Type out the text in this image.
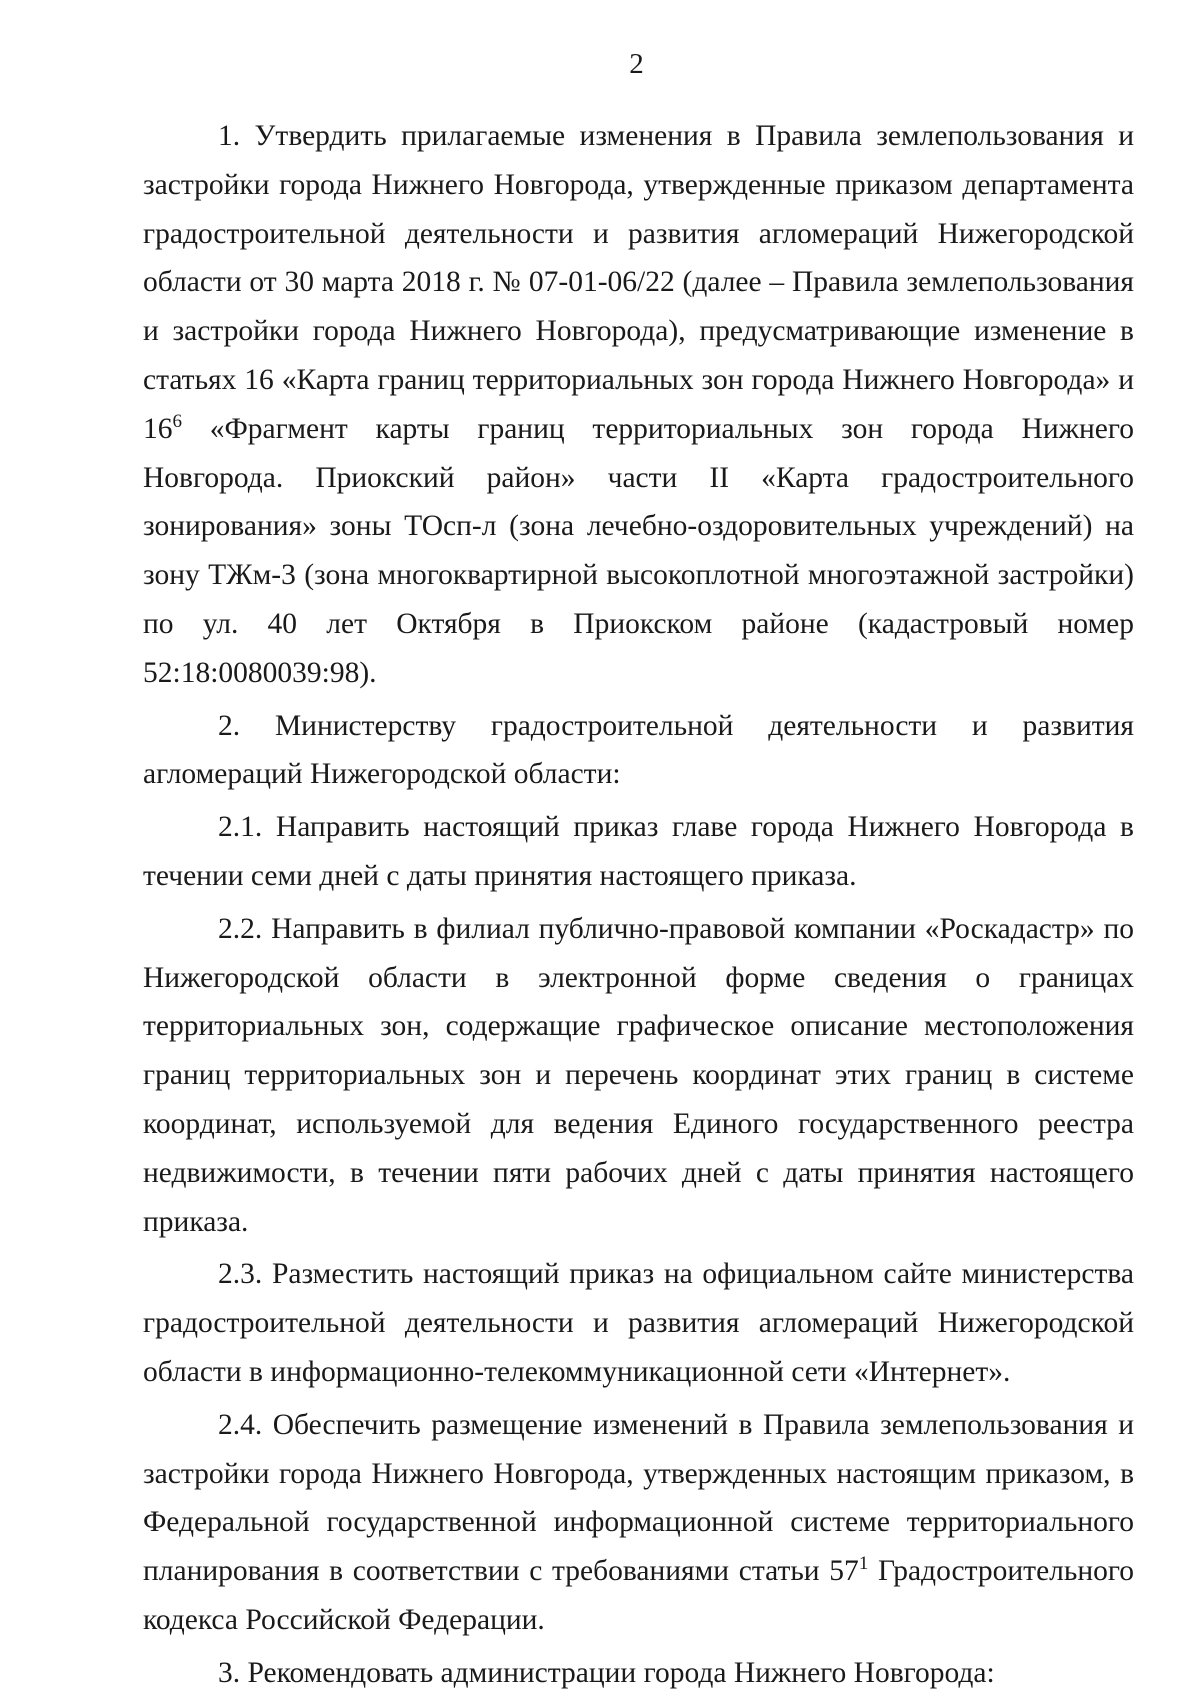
2

1. Утвердить прилагаемые изменения в Правила землепользования и застройки города Нижнего Новгорода, утвержденные приказом департамента градостроительной деятельности и развития агломераций Нижегородской области от 30 марта 2018 г. № 07-01-06/22 (далее – Правила землепользования и застройки города Нижнего Новгорода), предусматривающие изменение в статьях 16 «Карта границ территориальных зон города Нижнего Новгорода» и $16^6$ «Фрагмент карты границ территориальных зон города Нижнего Новгорода. Приокский район» части II «Карта градостроительного зонирования» зоны ТОсп-л (зона лечебно-оздоровительных учреждений) на зону ТЖм-3 (зона многоквартирной высокоплотной многоэтажной застройки) по ул. 40 лет Октября в Приокском районе (кадастровый номер 52:18:0080039:98).

2. Министерству градостроительной деятельности и развития агломераций Нижегородской области:

2.1. Направить настоящий приказ главе города Нижнего Новгорода в течении семи дней с даты принятия настоящего приказа.

2.2. Направить в филиал публично-правовой компании «Роскадастр» по Нижегородской области в электронной форме сведения о границах территориальных зон, содержащие графическое описание местоположения границ территориальных зон и перечень координат этих границ в системе координат, используемой для ведения Единого государственного реестра недвижимости, в течении пяти рабочих дней с даты принятия настоящего приказа.

2.3. Разместить настоящий приказ на официальном сайте министерства градостроительной деятельности и развития агломераций Нижегородской области в информационно-телекоммуникационной сети «Интернет».

2.4. Обеспечить размещение изменений в Правила землепользования и застройки города Нижнего Новгорода, утвержденных настоящим приказом, в Федеральной государственной информационной системе территориального планирования в соответствии с требованиями статьи $57^1$ Градостроительного кодекса Российской Федерации.

3. Рекомендовать администрации города Нижнего Новгорода:
